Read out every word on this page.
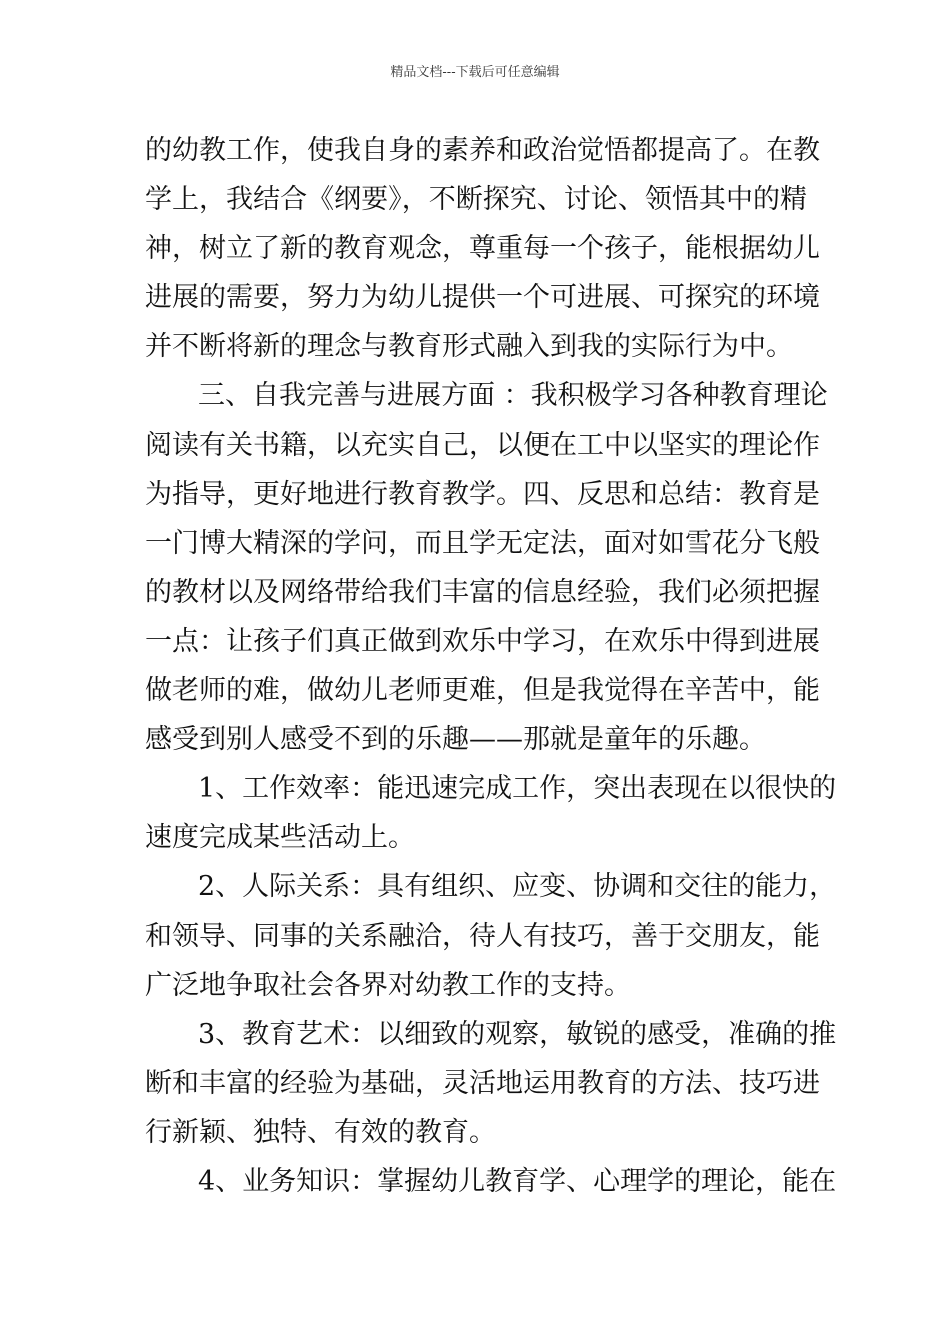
精品文档---下载后可任意编辑
的幼教工作，使我自身的素养和政治觉悟都提高了。在教
学上，我结合《纲要》，不断探究、讨论、领悟其中的精
神，树立了新的教育观念，尊重每一个孩子，能根据幼儿
进展的需要，努力为幼儿提供一个可进展、可探究的环境
并不断将新的理念与教育形式融入到我的实际行为中。
三、自我完善与进展方面 ：我积极学习各种教育理论
阅读有关书籍，以充实自己，以便在工中以坚实的理论作
为指导，更好地进行教育教学。四、反思和总结：教育是
一门博大精深的学问，而且学无定法，面对如雪花分飞般
的教材以及网络带给我们丰富的信息经验，我们必须把握
一点：让孩子们真正做到欢乐中学习，在欢乐中得到进展
做老师的难，做幼儿老师更难，但是我觉得在辛苦中，能
感受到别人感受不到的乐趣——那就是童年的乐趣。
1、工作效率：能迅速完成工作，突出表现在以很快的
速度完成某些活动上。
2、人际关系：具有组织、应变、协调和交往的能力，
和领导、同事的关系融洽，待人有技巧，善于交朋友，能
广泛地争取社会各界对幼教工作的支持。
3、教育艺术：以细致的观察，敏锐的感受，准确的推
断和丰富的经验为基础，灵活地运用教育的方法、技巧进
行新颖、独特、有效的教育。
4、业务知识：掌握幼儿教育学、心理学的理论，能在
